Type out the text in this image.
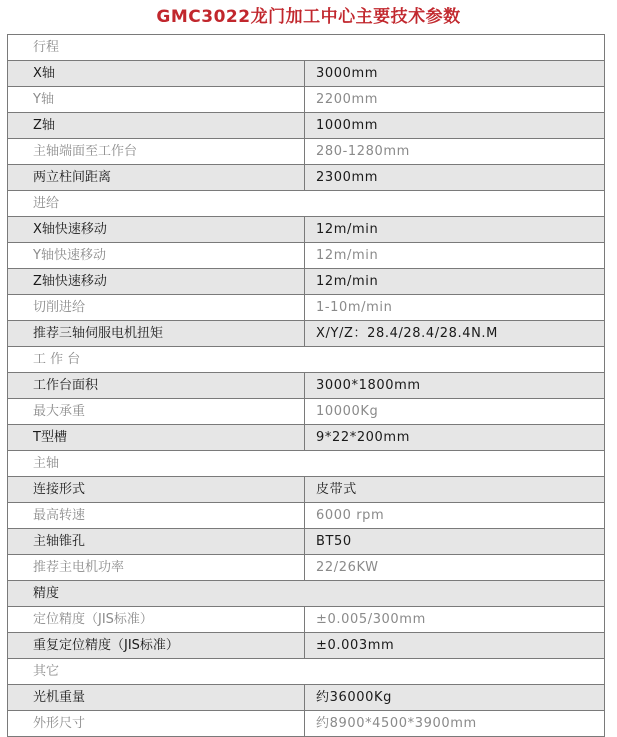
GMC3022龙门加工中心主要技术参数
行程
X轴	3000mm
Y轴	2200mm
Z轴	1000mm
主轴端面至工作台	280-1280mm
两立柱间距离	2300mm
进给
X轴快速移动	12m/min
Y轴快速移动	12m/min
Z轴快速移动	12m/min
切削进给	1-10m/min
推荐三轴伺服电机扭矩	X/Y/Z：28.4/28.4/28.4N.M
工 作 台
工作台面积	3000*1800mm
最大承重	10000Kg
T型槽	9*22*200mm
主轴
连接形式	皮带式
最高转速	6000 rpm
主轴锥孔	BT50
推荐主电机功率	22/26KW
精度
定位精度（JIS标准）	±0.005/300mm
重复定位精度（JIS标准）	±0.003mm
其它
光机重量	约36000Kg
外形尺寸	约8900*4500*3900mm
